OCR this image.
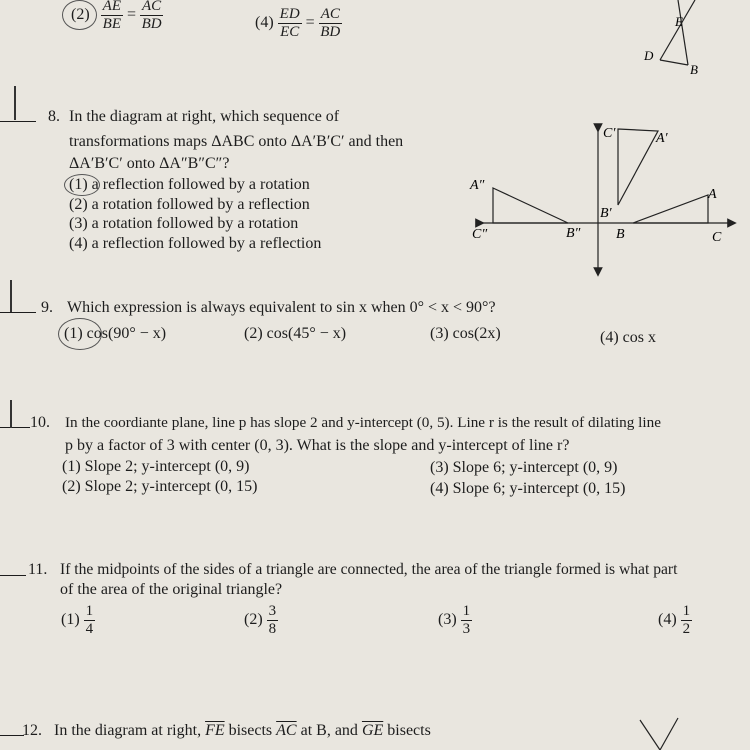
$(2) \frac{AE}{BE} = \frac{AC}{BD}$	$(4) \frac{ED}{EC} = \frac{AC}{BD}$	E
D
B
8. In the diagram at right, which sequence of
transformations maps ΔABC onto ΔA′B′C′ and then
ΔA′B′C′ onto ΔA″B″C″?
(1) a reflection followed by a rotation
(2) a rotation followed by a reflection
(3) a rotation followed by a rotation
(4) a reflection followed by a reflection
C′	A′
B′
A″
C″	B″
A
B	C
9. Which expression is always equivalent to sin x when 0° < x < 90°?
(1) cos(90° − x)	(2) cos(45° − x)	(3) cos(2x)	(4) cos x
10. In the coordiante plane, line p has slope 2 and y-intercept (0, 5). Line r is the result of dilating line
p by a factor of 3 with center (0, 3). What is the slope and y-intercept of line r?
(1) Slope 2; y-intercept (0, 9)
(2) Slope 2; y-intercept (0, 15)
(3) Slope 6; y-intercept (0, 9)
(4) Slope 6; y-intercept (0, 15)
11. If the midpoints of the sides of a triangle are connected, the area of the triangle formed is what part
of the area of the original triangle?
$(1) \frac{1}{4}$	$(2) \frac{3}{8}$	$(3) \frac{1}{3}$	$(4) \frac{1}{2}$
12. In the diagram at right, $\overline{FE}$ bisects $\overline{AC}$ at B, and $\overline{GE}$ bisects
